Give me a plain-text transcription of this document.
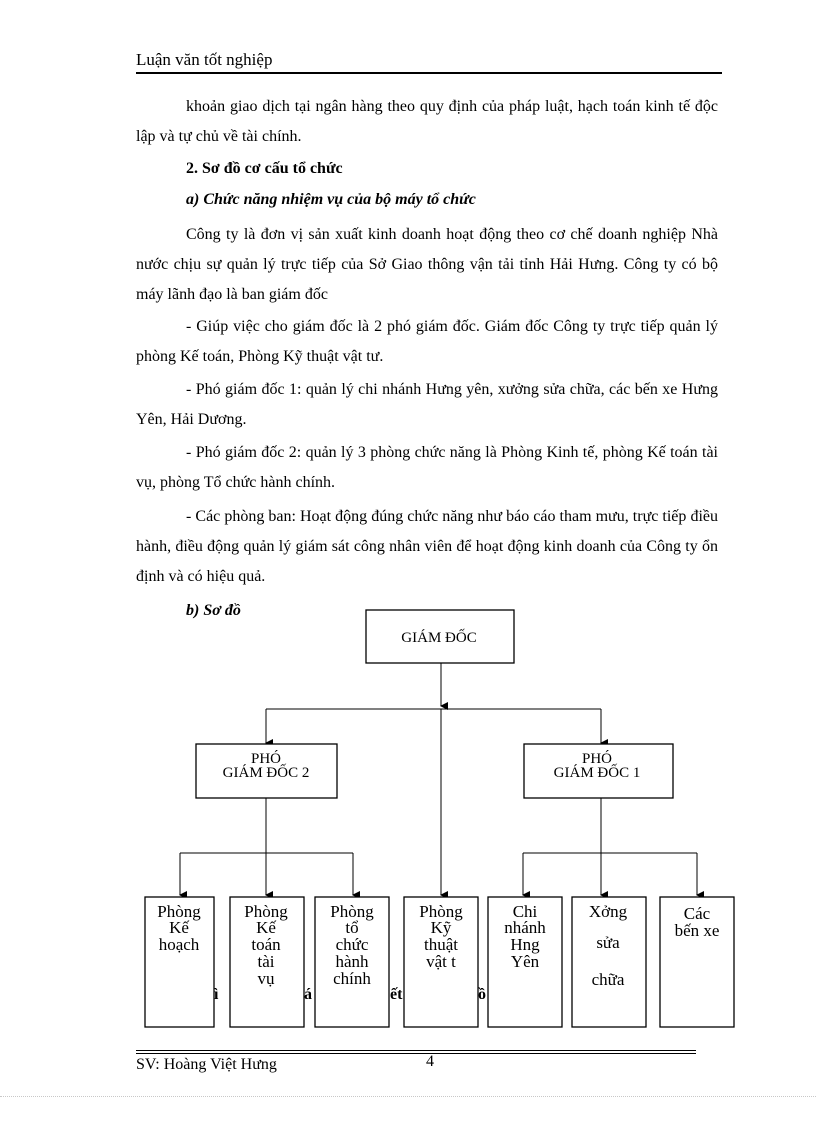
Luận văn tốt nghiệp

khoản giao dịch tại ngân hàng theo quy định của pháp luật, hạch toán kinh tế độc lập và tự chủ về tài chính.

2. Sơ đồ cơ cấu tổ chức

a) Chức năng nhiệm vụ của bộ máy tổ chức

Công ty là đơn vị sản xuất kinh doanh hoạt động theo cơ chế doanh nghiệp Nhà nước chịu sự quản lý trực tiếp của Sở Giao thông vận tải tỉnh Hải Hưng. Công ty có bộ máy lãnh đạo là ban giám đốc

- Giúp việc cho giám đốc là 2 phó giám đốc. Giám đốc Công ty trực tiếp quản lý phòng Kế toán, Phòng Kỹ thuật vật tư.

- Phó giám đốc 1: quản lý chi nhánh Hưng yên, xưởng sửa chữa, các bến xe Hưng Yên, Hải Dương.

- Phó giám đốc 2: quản lý 3 phòng chức năng là Phòng Kinh tế, phòng Kế toán tài vụ, phòng Tổ chức hành chính.

- Các phòng ban: Hoạt động đúng chức năng như báo cáo tham mưu, trực tiếp điều hành, điều động quản lý giám sát công nhân viên để hoạt động kinh doanh của Công ty ổn định và có hiệu quả.

b) Sơ đồ

GIÁM ĐỐC
PHÓ
GIÁM ĐỐC 2
PHÓ
GIÁM ĐỐC 1
Phòng
Kế
hoạch
Phòng
Kế
toán
tài
vụ
Phòng
tổ
chức
hành
chính
Phòng
Kỹ
thuật
vật t
Chi
nhánh
Hng
Yên
Xởng
sửa
chữa
Các
bến xe
ì	á	ết	ồ
SV: Hoàng Việt Hưng	4
